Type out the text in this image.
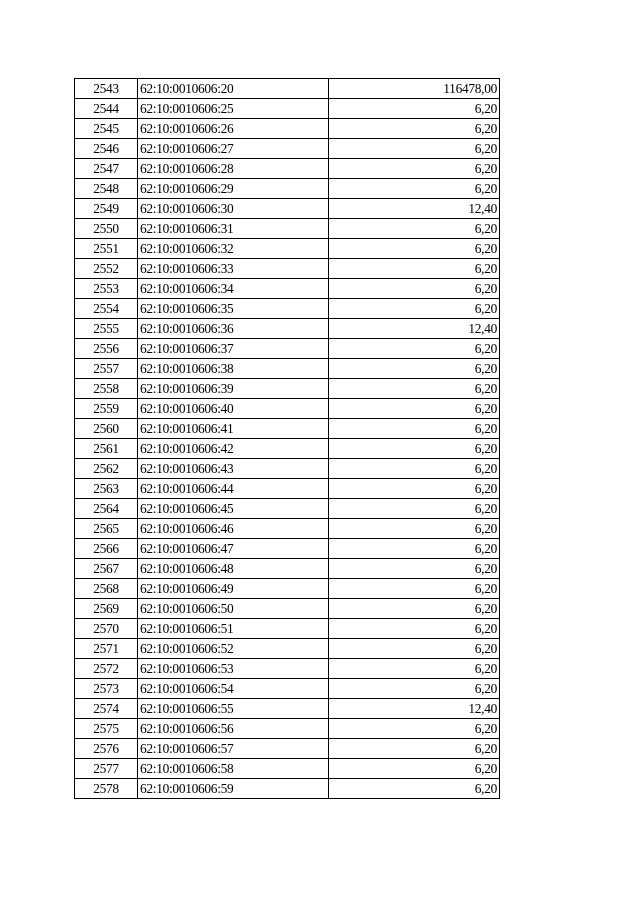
2543	62:10:0010606:20	116478,00
2544	62:10:0010606:25	6,20
2545	62:10:0010606:26	6,20
2546	62:10:0010606:27	6,20
2547	62:10:0010606:28	6,20
2548	62:10:0010606:29	6,20
2549	62:10:0010606:30	12,40
2550	62:10:0010606:31	6,20
2551	62:10:0010606:32	6,20
2552	62:10:0010606:33	6,20
2553	62:10:0010606:34	6,20
2554	62:10:0010606:35	6,20
2555	62:10:0010606:36	12,40
2556	62:10:0010606:37	6,20
2557	62:10:0010606:38	6,20
2558	62:10:0010606:39	6,20
2559	62:10:0010606:40	6,20
2560	62:10:0010606:41	6,20
2561	62:10:0010606:42	6,20
2562	62:10:0010606:43	6,20
2563	62:10:0010606:44	6,20
2564	62:10:0010606:45	6,20
2565	62:10:0010606:46	6,20
2566	62:10:0010606:47	6,20
2567	62:10:0010606:48	6,20
2568	62:10:0010606:49	6,20
2569	62:10:0010606:50	6,20
2570	62:10:0010606:51	6,20
2571	62:10:0010606:52	6,20
2572	62:10:0010606:53	6,20
2573	62:10:0010606:54	6,20
2574	62:10:0010606:55	12,40
2575	62:10:0010606:56	6,20
2576	62:10:0010606:57	6,20
2577	62:10:0010606:58	6,20
2578	62:10:0010606:59	6,20
